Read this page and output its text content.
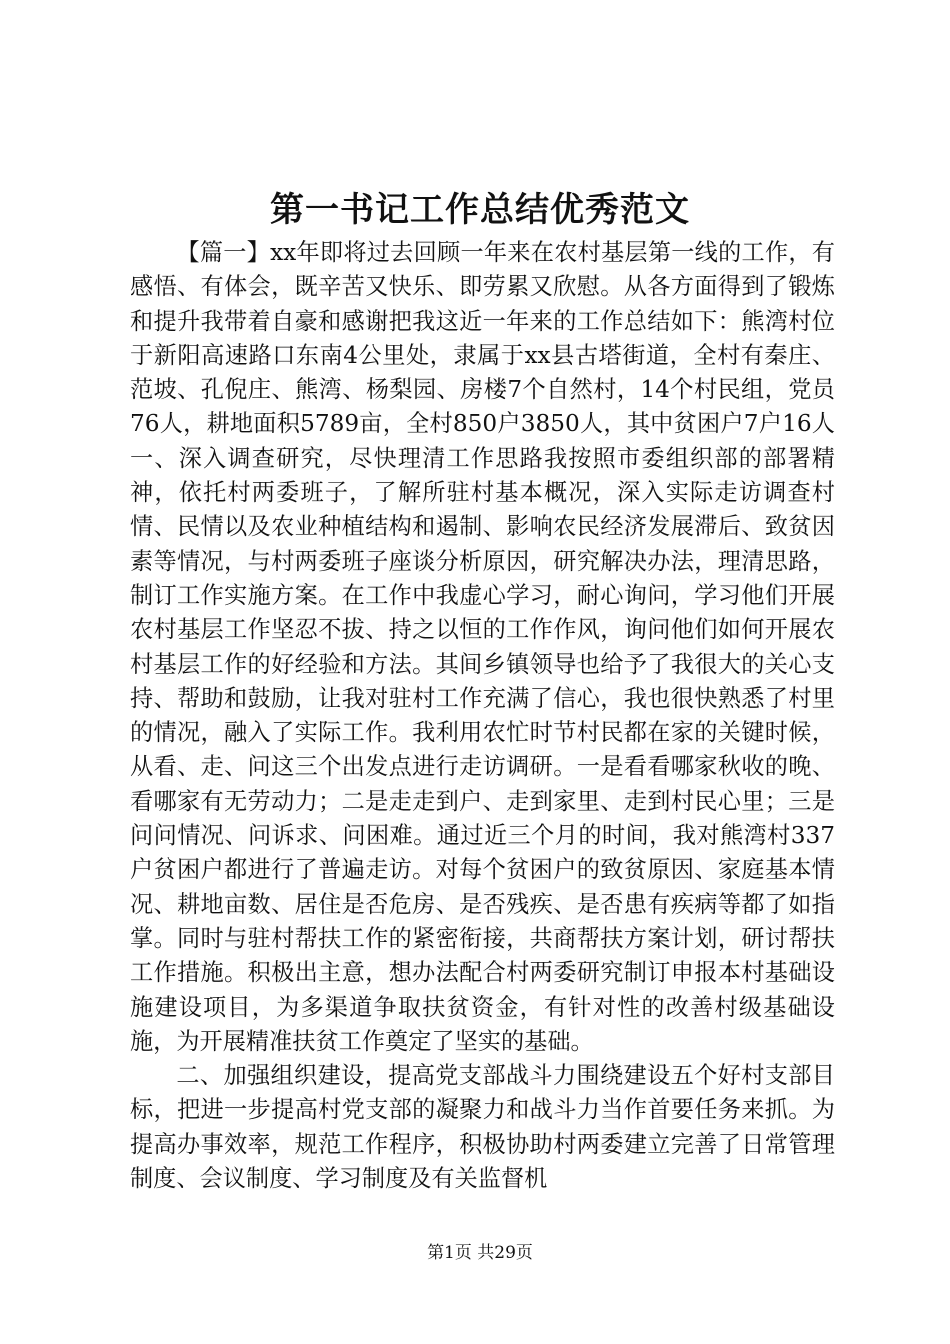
第一书记工作总结优秀范文

【篇一】xx年即将过去回顾一年来在农村基层第一线的工作，有感悟、有体会，既辛苦又快乐、即劳累又欣慰。从各方面得到了锻炼和提升我带着自豪和感谢把我这近一年来的工作总结如下：熊湾村位于新阳高速路口东南4公里处，隶属于xx县古塔街道，全村有秦庄、范坡、孔倪庄、熊湾、杨梨园、房楼7个自然村，14个村民组，党员76人，耕地面积5789亩，全村850户3850人，其中贫困户7户16人一、深入调查研究，尽快理清工作思路我按照市委组织部的部署精神，依托村两委班子，了解所驻村基本概况，深入实际走访调查村情、民情以及农业种植结构和遏制、影响农民经济发展滞后、致贫因素等情况，与村两委班子座谈分析原因，研究解决办法，理清思路，制订工作实施方案。在工作中我虚心学习，耐心询问，学习他们开展农村基层工作坚忍不拔、持之以恒的工作作风，询问他们如何开展农村基层工作的好经验和方法。其间乡镇领导也给予了我很大的关心支持、帮助和鼓励，让我对驻村工作充满了信心，我也很快熟悉了村里的情况，融入了实际工作。我利用农忙时节村民都在家的关键时候，从看、走、问这三个出发点进行走访调研。一是看看哪家秋收的晚、看哪家有无劳动力；二是走走到户、走到家里、走到村民心里；三是问问情况、问诉求、问困难。通过近三个月的时间，我对熊湾村337户贫困户都进行了普遍走访。对每个贫困户的致贫原因、家庭基本情况、耕地亩数、居住是否危房、是否残疾、是否患有疾病等都了如指掌。同时与驻村帮扶工作的紧密衔接，共商帮扶方案计划，研讨帮扶工作措施。积极出主意，想办法配合村两委研究制订申报本村基础设施建设项目，为多渠道争取扶贫资金，有针对性的改善村级基础设施，为开展精准扶贫工作奠定了坚实的基础。

二、加强组织建设，提高党支部战斗力围绕建设五个好村支部目标，把进一步提高村党支部的凝聚力和战斗力当作首要任务来抓。为提高办事效率，规范工作程序，积极协助村两委建立完善了日常管理制度、会议制度、学习制度及有关监督机

第1页 共29页
